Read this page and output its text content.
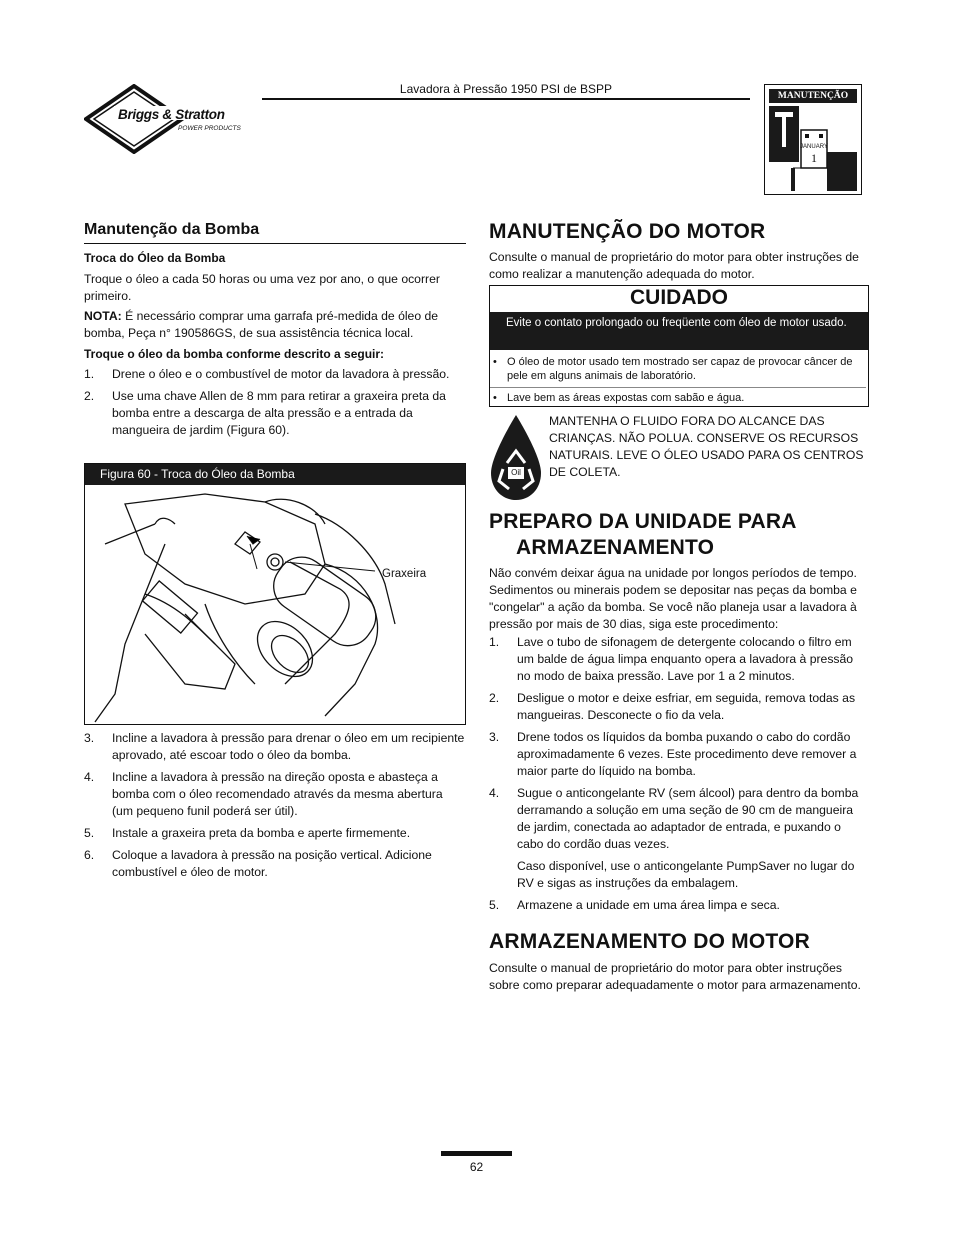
Lavadora à Pressão 1950 PSI de BSPP
Briggs & Stratton
POWER PRODUCTS
MANUTENÇÃO
JANUARY
1
Manutenção da Bomba
Troca do Óleo da Bomba
Troque o óleo a cada 50 horas ou uma vez por ano, o que ocorrer primeiro.
NOTA: É necessário comprar uma garrafa pré-medida de óleo de bomba, Peça n° 190586GS, de sua assistência técnica local.
Troque o óleo da bomba conforme descrito a seguir:
1. Drene o óleo e o combustível de motor da lavadora à pressão.
2. Use uma chave Allen de 8 mm para retirar a graxeira preta da bomba entre a descarga de alta pressão e a entrada da mangueira de jardim (Figura 60).
Graxeira
Figura 60 - Troca do Óleo da Bomba
3. Incline a lavadora à pressão para drenar o óleo em um recipiente aprovado, até escoar todo o óleo da bomba.
4. Incline a lavadora à pressão na direção oposta e abasteça a bomba com o óleo recomendado através da mesma abertura (um pequeno funil poderá ser útil).
5. Instale a graxeira preta da bomba e aperte firmemente.
6. Coloque a lavadora à pressão na posição vertical. Adicione combustível e óleo de motor.
MANUTENÇÃO DO MOTOR
Consulte o manual de proprietário do motor para obter instruções de como realizar a manutenção adequada do motor.
CUIDADO
Evite o contato prolongado ou freqüente com óleo de motor usado.
• O óleo de motor usado tem mostrado ser capaz de provocar câncer de pele em alguns animais de laboratório.
• Lave bem as áreas expostas com sabão e água.
Oil
MANTENHA O FLUIDO FORA DO ALCANCE DAS CRIANÇAS. NÃO POLUA. CONSERVE OS RECURSOS NATURAIS. LEVE O ÓLEO USADO PARA OS CENTROS DE COLETA.
PREPARO DA UNIDADE PARA
ARMAZENAMENTO
Não convém deixar água na unidade por longos períodos de tempo. Sedimentos ou minerais podem se depositar nas peças da bomba e "congelar" a ação da bomba. Se você não planeja usar a lavadora à pressão por mais de 30 dias, siga este procedimento:
1. Lave o tubo de sifonagem de detergente colocando o filtro em um balde de água limpa enquanto opera a lavadora à pressão no modo de baixa pressão. Lave por 1 a 2 minutos.
2. Desligue o motor e deixe esfriar, em seguida, remova todas as mangueiras. Desconecte o fio da vela.
3. Drene todos os líquidos da bomba puxando o cabo do cordão aproximadamente 6 vezes. Este procedimento deve remover a maior parte do líquido na bomba.
4. Sugue o anticongelante RV (sem álcool) para dentro da bomba derramando a solução em uma seção de 90 cm de mangueira de jardim, conectada ao adaptador de entrada, e puxando o cabo do cordão duas vezes.
Caso disponível, use o anticongelante PumpSaver no lugar do RV e sigas as instruções da embalagem.
5. Armazene a unidade em uma área limpa e seca.
ARMAZENAMENTO DO MOTOR
Consulte o manual de proprietário do motor para obter instruções sobre como preparar adequadamente o motor para armazenamento.
62
